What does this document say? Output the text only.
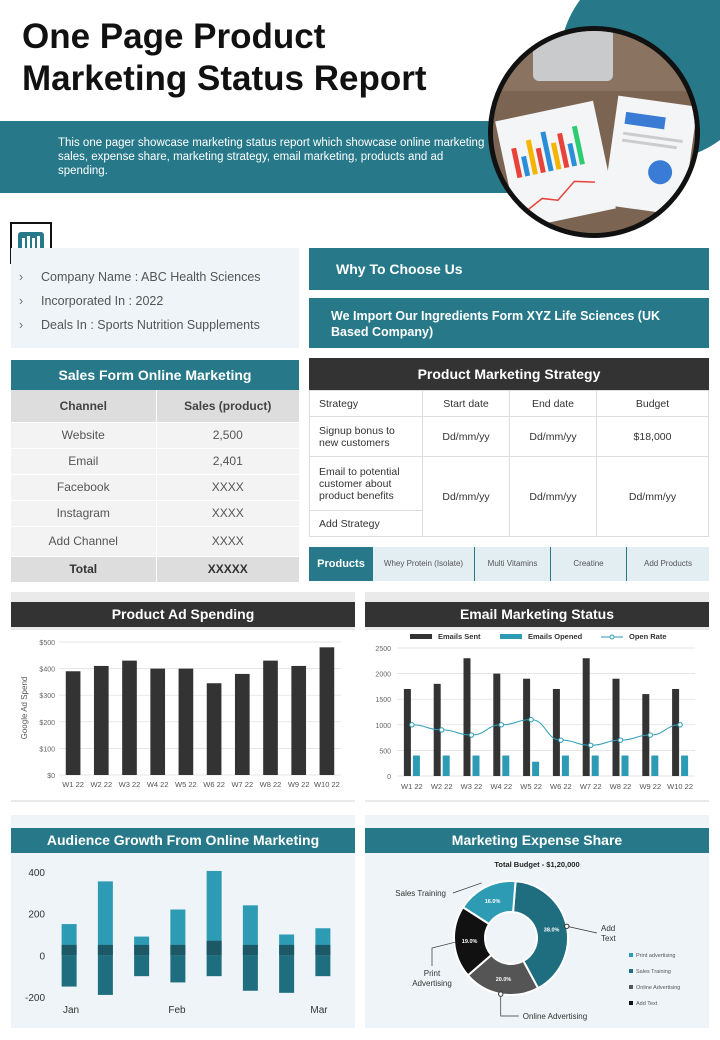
One Page Product
Marketing Status Report
This one pager showcase marketing status report which showcase online marketing sales, expense share, marketing strategy, email marketing, products and ad spending.
› Company Name : ABC Health Sciences
› Incorporated In : 2022
› Deals In : Sports Nutrition Supplements
Why To Choose Us
We Import Our Ingredients Form XYZ Life Sciences (UK Based Company)
Sales Form Online Marketing
Channel	Sales (product)
Website	2,500
Email	2,401
Facebook	XXXX
Instagram	XXXX
Add Channel	XXXX
Total	XXXXX
Product Marketing Strategy
Strategy	Start date	End date	Budget
Signup bonus to new customers	Dd/mm/yy	Dd/mm/yy	$18,000
Email to potential customer about product benefits	Dd/mm/yy	Dd/mm/yy	Dd/mm/yy
Add Strategy			
Products	Whey Protein (Isolate)	Multi Vitamins	Creatine	Add Products
Product Ad Spending
$0
$100
$200
$300
$400
$500
Google Ad Spend
W1 22 W2 22 W3 22 W4 22 W5 22 W6 22 W7 22 W8 22 W9 22 W10 22
Email Marketing Status
0
500
1000
1500
2000
2500
Emails Sent	Emails Opened	Open Rate
W1 22 W2 22 W3 22 W4 22 W5 22 W6 22 W7 22 W8 22 W9 22 W10 22
Audience Growth From Online Marketing
-200
0
200
400
Jan	Feb	Mar
Marketing Expense Share
Total Budget - $1,20,000
38.0%
20.0%
19.0%
16.0%
Add
Text
Online Advertising
Print
Advertising
Sales Training
Print advertising
Sales Training
Online Advertising
Add Text
